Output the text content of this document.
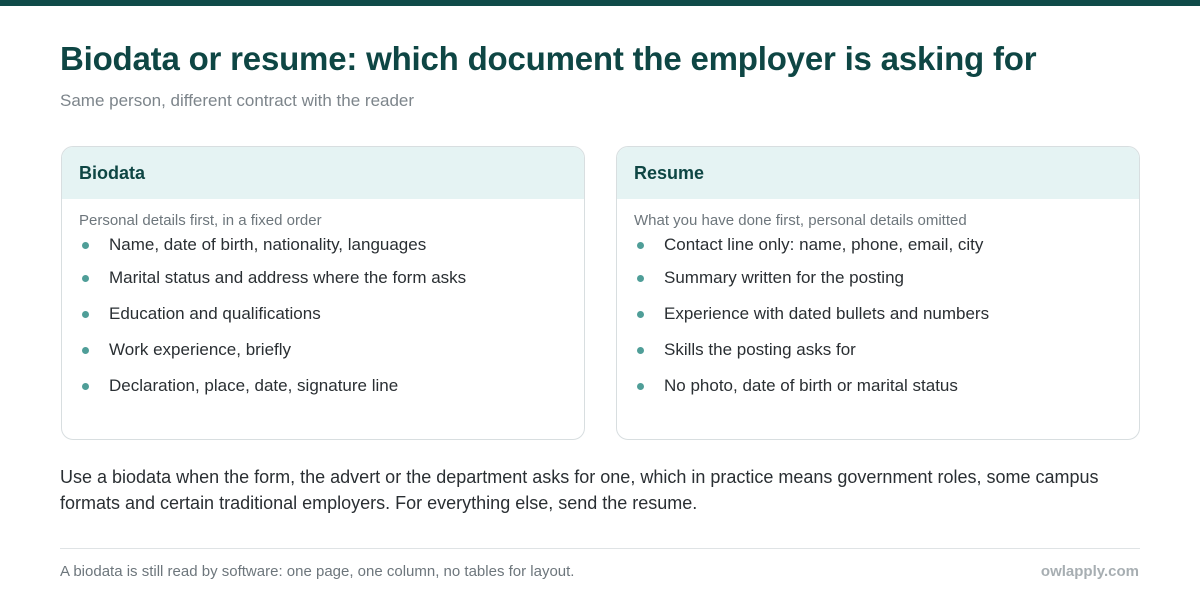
Biodata or resume: which document the employer is asking for

Same person, different contract with the reader

Biodata

Personal details first, in a fixed order

Name, date of birth, nationality, languages
Marital status and address where the form asks
Education and qualifications
Work experience, briefly
Declaration, place, date, signature line
Resume

What you have done first, personal details omitted

Contact line only: name, phone, email, city
Summary written for the posting
Experience with dated bullets and numbers
Skills the posting asks for
No photo, date of birth or marital status

Use a biodata when the form, the advert or the department asks for one, which in practice means government roles, some campus formats and certain traditional employers. For everything else, send the resume.

A biodata is still read by software: one page, one column, no tables for layout.	owlapply.com
